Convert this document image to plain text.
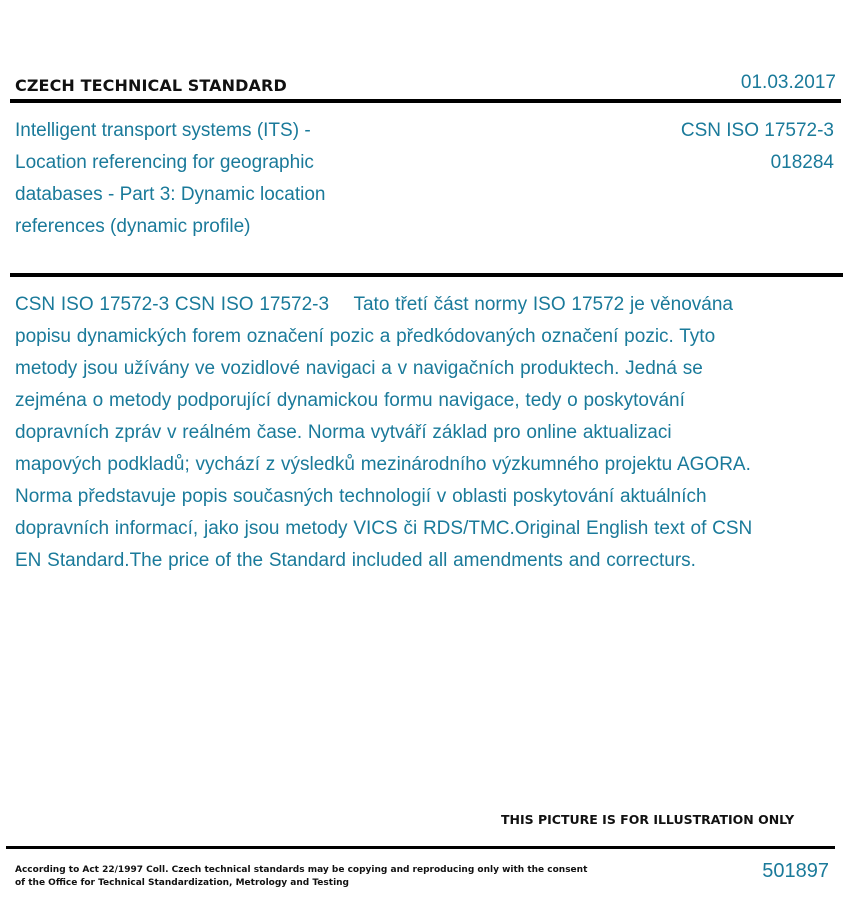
CZECH TECHNICAL STANDARD	01.03.2017
Intelligent transport systems (ITS) - Location referencing for geographic databases - Part 3: Dynamic location references (dynamic profile)
CSN ISO 17572-3
018284
CSN ISO 17572-3 CSN ISO 17572-3  Tato třetí část normy ISO 17572 je věnována popisu dynamických forem označení pozic a předkódovaných označení pozic. Tyto metody jsou užívány ve vozidlové navigaci a v navigačních produktech. Jedná se zejména o metody podporující dynamickou formu navigace, tedy o poskytování dopravních zpráv v reálném čase. Norma vytváří základ pro online aktualizaci mapových podkladů; vychází z výsledků mezinárodního výzkumného projektu AGORA. Norma představuje popis současných technologií v oblasti poskytování aktuálních dopravních informací, jako jsou metody VICS či RDS/TMC.Original English text of CSN EN Standard.The price of the Standard included all amendments and correcturs.
THIS PICTURE IS FOR ILLUSTRATION ONLY
According to Act 22/1997 Coll. Czech technical standards may be copying and reproducing only with the consent of the Office for Technical Standardization, Metrology and Testing
501897
